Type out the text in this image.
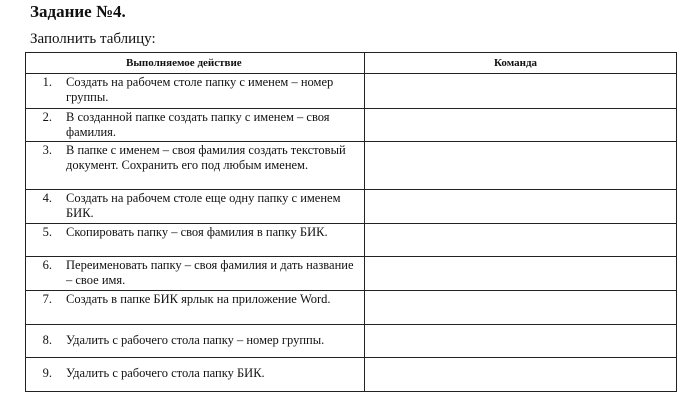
Задание №4.
Заполнить таблицу:
Выполняемое действие	Команда

1. Создать на рабочем столе папку с именем – номер группы.	

2. В созданной папке создать папку с именем – своя фамилия.	

3. В папке с именем – своя фамилия создать текстовый документ. Сохранить его под любым именем.	

4. Создать на рабочем столе еще одну папку с именем БИК.	

5. Скопировать папку – своя фамилия в папку БИК.	

6. Переименовать папку – своя фамилия и дать название – свое имя.	

7. Создать в папке БИК ярлык на приложение Word.	

8. Удалить с рабочего стола папку – номер группы.	

9. Удалить с рабочего стола папку БИК.	
